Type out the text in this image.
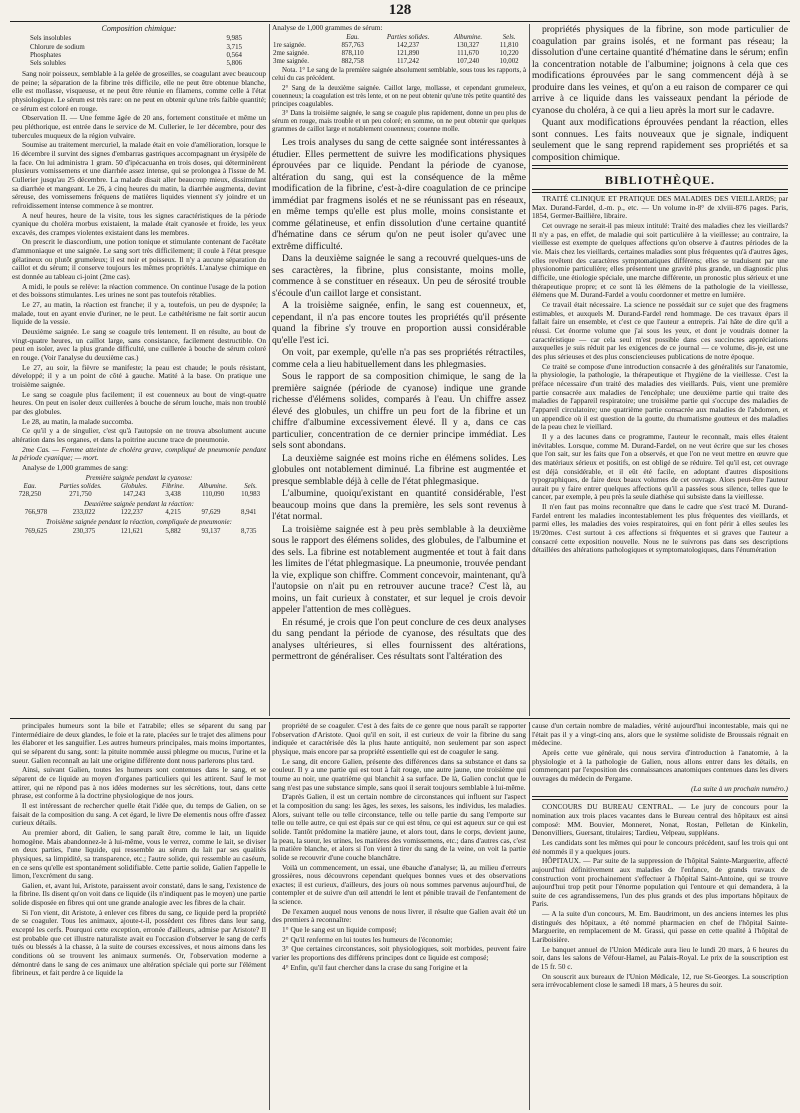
128
Composition chimique:
Sels insolubles	9,985
Chlorure de sodium	3,715
Phosphates	0,564
Sels solubles	5,806

Sang noir poisseux, semblable à la gelée de groseilles, se coagulant avec beaucoup de peine; la séparation de la fibrine très difficile, elle ne peut être obtenue blanche, elle est mollasse, visqueuse, et ne peut être réunie en filamens, comme celle à l'état physiologique. Le sérum est très rare: on ne peut en obtenir qu'une très faible quantité; ce sérum est coloré en rouge.

Observation II. — Une femme âgée de 20 ans, fortement constituée et même un peu pléthorique, est entrée dans le service de M. Cullerier, le 1er décembre, pour des tubercules muqueux de la région vulvaire.

Soumise au traitement mercuriel, la malade était en voie d'amélioration, lorsque le 16 décembre il survint des signes d'embarras gastriques accompagnant un érysipèle de la face. On lui administra 1 gram. 50 d'ipécacuanha en trois doses, qui déterminèrent plusieurs vomissemens et une diarrhée assez intense, qui se prolongea à l'issue de M. Cullerier jusqu'au 25 décembre. La malade disait aller beaucoup mieux, dissimulant sa diarrhée et mangeant. Le 26, à cinq heures du matin, la diarrhée augmenta, devint séreuse, des vomissemens fréquens de matières liquides viennent s'y joindre et un refroidissement intense commence à se montrer.

A neuf heures, heure de la visite, tous les signes caractéristiques de la période cyanique du choléra morbus existaient, la malade était cyanosée et froide, les yeux excavés, des crampes violentes existaient dans les membres.

On prescrit le diascordium, une potion tonique et stimulante contenant de l'acétate d'ammoniaque et une saignée. Le sang sort très difficilement; il coule à l'état presque gélatineux ou plutôt grumeleux; il est noir et poisseux. Il n'y a aucune séparation du caillot et du sérum; il conserve toujours les mêmes propriétés. L'analyse chimique en est donnée au tableau ci-joint (2me cas).

A midi, le pouls se relève: la réaction commence. On continue l'usage de la potion et des boissons stimulantes. Les urines ne sont pas toutefois rétablies.

Le 27, au matin, la réaction est franche; il y a, toutefois, un peu de dyspnée; la malade, tout en ayant envie d'uriner, ne le peut. Le cathétérisme ne fait sortir aucun liquide de la vessie.

Deuxième saignée. Le sang se coagule très lentement. Il en résulte, au bout de vingt-quatre heures, un caillot large, sans consistance, facilement destructible. On peut en isoler, avec la plus grande difficulté, une cuillerée à bouche de sérum coloré en rouge. (Voir l'analyse du deuxième cas.)

Le 27, au soir, la fièvre se manifeste; la peau est chaude; le pouls résistant, développé; il y a un point de côté à gauche. Matité à la base. On pratique une troisième saignée.

Le sang se coagule plus facilement; il est couenneux au bout de vingt-quatre heures. On peut en isoler deux cuillerées à bouche de sérum louche, mais non troublé par des globules.

Le 28, au matin, la malade succomba.

Ce qu'il y a de singulier, c'est qu'à l'autopsie on ne trouva absolument aucune altération dans les organes, et dans la poitrine aucune trace de pneumonie.

2me Cas. — Femme atteinte de choléra grave, compliqué de pneumonie pendant la période cyanique; — mort.

Analyse de 1,000 grammes de sang:

Première saignée pendant la cyanose:
Eau.	Parties solides.	Globules.	Fibrine.	Albumine.	Sels.
728,250	271,750	147,243	3,438	110,090	10,983
Deuxième saignée pendant la réaction:
766,978	233,022	122,237	4,215	97,629	8,941
Troisième saignée pendant la réaction, compliquée de pneumonie:
769,625	230,375	121,621	5,882	93,137	8,735

Analyse de 1,000 grammes de sérum:

	Eau.	Parties solides.	Albumine.	Sels.
1re saignée.	857,763	142,237	130,327	11,810
2me saignée.	878,110	121,890	111,670	10,220
3me saignée.	882,758	117,242	107,240	10,002

Nota. 1° Le sang de la première saignée absolument semblable, sous tous les rapports, à celui du cas précédent.

2° Sang de la deuxième saignée. Caillot large, mollasse, et cependant grumeleux, couenneux; la coagulation est très lente, et on ne peut obtenir qu'une très petite quantité des principes coagulables.

3° Dans la troisième saignée, le sang se coagule plus rapidement, donne un peu plus de sérum en rouge, mais trouble et un peu coloré; en somme, on ne peut obtenir que quelques grammes de caillot large et notablement couenneux; couenne molle.

Les trois analyses du sang de cette saignée sont intéressantes à étudier. Elles permettent de suivre les modifications physiques éprouvées par ce liquide. Pendant la période de cyanose, altération du sang, qui est la conséquence de la même modification de la fibrine, c'est-à-dire coagulation de ce principe immédiat par fragmens isolés et ne se réunissant pas en réseaux, en même temps qu'elle est plus molle, moins consistante et comme gélatineuse, et enfin dissolution d'une certaine quantité d'hématine dans ce sérum qu'on ne peut isoler qu'avec une extrême difficulté.

Dans la deuxième saignée le sang a recouvré quelques-uns de ses caractères, la fibrine, plus consistante, moins molle, commence à se constituer en réseaux. Un peu de sérosité trouble s'écoule d'un caillot large et consistant.

A la troisième saignée, enfin, le sang est couenneux, et, cependant, il n'a pas encore toutes les propriétés qu'il présente quand la fibrine s'y trouve en proportion aussi considérable qu'elle l'est ici.

On voit, par exemple, qu'elle n'a pas ses propriétés rétractiles, comme cela a lieu habituellement dans les phlegmasies.

Sous le rapport de sa composition chimique, le sang de la première saignée (période de cyanose) indique une grande richesse d'élémens solides, comparés à l'eau. Un chiffre assez élevé des globules, un chiffre un peu fort de la fibrine et un chiffre d'albumine excessivement élevé. Il y a, dans ce cas particulier, concentration de ce dernier principe immédiat. Les sels sont abondans.

La deuxième saignée est moins riche en élémens solides. Les globules ont notablement diminué. La fibrine est augmentée et presque semblable déjà à celle de l'état phlegmasique.

L'albumine, quoiqu'existant en quantité considérable, l'est beaucoup moins que dans la première, les sels sont revenus à l'état normal.

La troisième saignée est à peu près semblable à la deuxième sous le rapport des élémens solides, des globules, de l'albumine et des sels. La fibrine est notablement augmentée et tout à fait dans les limites de l'état phlegmasique. La pneumonie, trouvée pendant la vie, explique son chiffre. Comment concevoir, maintenant, qu'à l'autopsie on n'ait pu en retrouver aucune trace? C'est là, au moins, un fait curieux à constater, et sur lequel je crois devoir appeler l'attention de mes collègues.

En résumé, je crois que l'on peut conclure de ces deux analyses du sang pendant la période de cyanose, des résultats que des analyses ultérieures, si elles fournissent des altérations, permettront de généraliser. Ces résultats sont l'altération des

propriétés physiques de la fibrine, son mode particulier de coagulation par grains isolés, et ne formant pas réseau; la dissolution d'une certaine quantité d'hématine dans le sérum; enfin la concentration notable de l'albumine; joignons à cela que ces modifications éprouvées par le sang commencent déjà à se produire dans les veines, et qu'on a eu raison de comparer ce qui arrive à ce liquide dans les vaisseaux pendant la période de cyanose du choléra, à ce qui a lieu après la mort sur le cadavre.

Quant aux modifications éprouvées pendant la réaction, elles sont connues. Les faits nouveaux que je signale, indiquent seulement que le sang reprend rapidement ses propriétés et sa composition chimique.

BIBLIOTHÈQUE.

TRAITÉ CLINIQUE ET PRATIQUE DES MALADIES DES VIEILLARDS; par Max. Durand-Fardel, d.-m. p., etc. — Un volume in-8° de xlviii-876 pages. Paris, 1854, Germer-Baillière, libraire.

Cet ouvrage ne serait-il pas mieux intitulé: Traité des maladies chez les vieillards? Il n'y a pas, en effet, de maladie qui soit particulière à la vieillesse; au contraire, la vieillesse est exempte de quelques affections qu'on observe à d'autres périodes de la vie. Mais chez les vieillards, certaines maladies sont plus fréquentes qu'à d'autres âges, elles revêtent des caractères symptomatiques différens; elles se traduisent par une physionomie particulière; elles présentent une gravité plus grande, un diagnostic plus difficile, une étiologie spéciale, une marche différente, un pronostic plus sérieux et une thérapeutique propre; et ce sont là les élémens de la pathologie de la vieillesse, élémens que M. Durand-Fardel a voulu coordonner et mettre en lumière.

Ce travail était nécessaire. La science ne possédait sur ce sujet que des fragmens estimables, et auxquels M. Durand-Fardel rend hommage. De ces travaux épars il fallait faire un ensemble, et c'est ce que l'auteur a entrepris. J'ai hâte de dire qu'il a réussi. Cet énorme volume que j'ai sous les yeux, et dont je voudrais donner la caractéristique — car cela seul m'est possible dans ces succinctes appréciations auxquelles je suis réduit par les exigences de ce journal — ce volume, dis-je, est une des plus sérieuses et des plus consciencieuses publications de notre époque.

Ce traité se compose d'une introduction consacrée à des généralités sur l'anatomie, la physiologie, la pathologie, la thérapeutique et l'hygiène de la vieillesse. C'est la préface nécessaire d'un traité des maladies des vieillards. Puis, vient une première partie consacrée aux maladies de l'encéphale; une deuxième partie qui traite des maladies de l'appareil respiratoire; une troisième partie qui s'occupe des maladies de l'appareil circulatoire; une quatrième partie consacrée aux maladies de l'abdomen, et un appendice où il est question de la goutte, du rhumatisme goutteux et des maladies de la peau chez le vieillard.

Il y a des lacunes dans ce programme, l'auteur le reconnaît, mais elles étaient inévitables. Lorsque, comme M. Durand-Fardel, on ne veut écrire que sur les choses que l'on sait, sur les faits que l'on a observés, et que l'on ne veut mettre en œuvre que des matériaux sérieux et positifs, on est obligé de se réduire. Tel qu'il est, cet ouvrage est déjà considérable, et il eût été facile, en adoptant d'autres dispositions typographiques, de faire deux beaux volumes de cet ouvrage. Alors peut-être l'auteur aurait pu y faire entrer quelques affections qu'il a passées sous silence, telles que le cancer, par exemple, à peu près la seule diathèse qui subsiste dans la vieillesse.

Il n'en faut pas moins reconnaître que dans le cadre que s'est tracé M. Durand-Fardel entrent les maladies incontestablement les plus fréquentes des vieillards, et parmi elles, les maladies des voies respiratoires, qui en font périr à elles seules les 19/20mes. C'est surtout à ces affections si fréquentes et si graves que l'auteur a consacré cette exposition nouvelle. Nous ne le suivrons pas dans ses descriptions détaillées des altérations pathologiques et symptomatologiques, dans l'énumération

principales humeurs sont la bile et l'atrabile; elles se séparent du sang par l'intermédiaire de deux glandes, le foie et la rate, placées sur le trajet des alimens pour les élaborer et les sanguifier. Les autres humeurs principales, mais moins importantes, qui se séparent du sang, sont: la pituite nommée aussi phlegme ou mucus, l'urine et la sueur. Galien reconnaît au lait une origine différente dont nous parlerons plus tard.

Ainsi, suivant Galien, toutes les humeurs sont contenues dans le sang, et se séparent de ce liquide au moyen d'organes particuliers qui les attirent. Sauf le mot attirer, qui ne répond pas à nos idées modernes sur les sécrétions, tout, dans cette phrase, est conforme à la doctrine physiologique de nos jours.

Il est intéressant de rechercher quelle était l'idée que, du temps de Galien, on se faisait de la composition du sang. A cet égard, le livre De elementis nous offre d'assez curieux détails.

Au premier abord, dit Galien, le sang paraît être, comme le lait, un liquide homogène. Mais abandonnez-le à lui-même, vous le verrez, comme le lait, se diviser en deux parties, l'une liquide, qui ressemble au sérum du lait par ses qualités physiques, sa limpidité, sa transparence, etc.; l'autre solide, qui ressemble au caséum, en ce sens qu'elle est spontanément solidifiable. Cette partie solide, Galien l'appelle le limon, l'excrément du sang.

Galien, et, avant lui, Aristote, paraissent avoir constaté, dans le sang, l'existence de la fibrine. Ils disent qu'on voit dans ce liquide (ils n'indiquent pas le moyen) une partie solide disposée en fibres qui ont une grande analogie avec les fibres de la chair.

Si l'on vient, dit Aristote, à enlever ces fibres du sang, ce liquide perd la propriété de se coaguler. Tous les animaux, ajoute-t-il, possèdent ces fibres dans leur sang, excepté les cerfs. Pourquoi cette exception, erronée d'ailleurs, admise par Aristote? Il est probable que cet illustre naturaliste avait eu l'occasion d'observer le sang de cerfs tués ou blessés à la chasse, à la suite de courses excessives, et nous aimons dans les conditions où se trouvent les animaux surmenés. Or, l'observation moderne a démontré dans le sang de ces animaux une altération spéciale qui porte sur l'élément fibrineux, et fait perdre à ce liquide la

propriété de se coaguler. C'est à des faits de ce genre que nous paraît se rapporter l'observation d'Aristote. Quoi qu'il en soit, il est curieux de voir la fibrine du sang indiquée et caractérisée dès la plus haute antiquité, non seulement par son aspect physique, mais encore par sa propriété essentielle qui est de coaguler le sang.

Le sang, dit encore Galien, présente des différences dans sa substance et dans sa couleur. Il y a une partie qui est tout à fait rouge, une autre jaune, une troisième qui tourne au noir, une quatrième qui blanchit à sa surface. De là, Galien conclut que le sang n'est pas une substance simple, sans quoi il serait toujours semblable à lui-même.

D'après Galien, il est un certain nombre de circonstances qui influent sur l'aspect et la composition du sang: les âges, les sexes, les saisons, les individus, les maladies. Alors, suivant telle ou telle circonstance, telle ou telle partie du sang l'emporte sur telle ou telle autre, ce qui est épais sur ce qui est ténu, ce qui est aqueux sur ce qui est solide. Tantôt prédomine la matière jaune, et alors tout, dans le corps, devient jaune, la peau, la sueur, les urines, les matières des vomissemens, etc.; dans d'autres cas, c'est la matière blanche, et alors si l'on vient à tirer du sang de la veine, on voit la partie solide se recouvrir d'une couche blanchâtre.

Voilà un commencement, un essai, une ébauche d'analyse; là, au milieu d'erreurs grossières, nous découvrons cependant quelques bonnes vues et des observations exactes; il est curieux, d'ailleurs, des jours où nous sommes parvenus aujourd'hui, de contempler et de suivre d'un œil attendri le lent et pénible travail de l'enfantement de la science.

De l'examen auquel nous venons de nous livrer, il résulte que Galien avait été un des premiers à reconnaître:

1° Que le sang est un liquide composé;

2° Qu'il renferme en lui toutes les humeurs de l'économie;

3° Que certaines circonstances, soit physiologiques, soit morbides, peuvent faire varier les proportions des différens principes dont ce liquide est composé;

4° Enfin, qu'il faut chercher dans la crase du sang l'origine et la

cause d'un certain nombre de maladies, vérité aujourd'hui incontestable, mais qui ne l'était pas il y a vingt-cinq ans, alors que le système solidiste de Broussais régnait en médecine.

Après cette vue générale, qui nous servira d'introduction à l'anatomie, à la physiologie et à la pathologie de Galien, nous allons entrer dans les détails, en commençant par l'exposition des connaissances anatomiques contenues dans les divers ouvrages du médecin de Pergame.

(La suite à un prochain numéro.)

CONCOURS DU BUREAU CENTRAL. — Le jury de concours pour la nomination aux trois places vacantes dans le Bureau central des hôpitaux est ainsi composé: MM. Bouvier, Monneret, Nonat, Rostan, Pelletan de Kinkelin, Denonvilliers, Guersant, titulaires; Tardieu, Velpeau, suppléans.

Les candidats sont les mêmes qui pour le concours précédent, sauf les trois qui ont été nommés il y a quelques jours.

HÔPITAUX. — Par suite de la suppression de l'hôpital Sainte-Marguerite, affecté aujourd'hui définitivement aux maladies de l'enfance, de grands travaux de construction vont prochainement s'effectuer à l'hôpital Saint-Antoine, qui se trouve aujourd'hui trop petit pour l'énorme population qui l'entoure et qui demandera, à la suite de ces agrandissemens, l'un des plus grands et des plus importans hôpitaux de Paris.

— A la suite d'un concours, M. Em. Baudrimont, un des anciens internes les plus distingués des hôpitaux, a été nommé pharmacien en chef de l'hôpital Sainte-Marguerite, en remplacement de M. Grassi, qui passe en cette qualité à l'hôpital de Lariboisière.

Le banquet annuel de l'Union Médicale aura lieu le lundi 20 mars, à 6 heures du soir, dans les salons de Véfour-Hamel, au Palais-Royal. Le prix de la souscription est de 15 fr. 50 c.

On souscrit aux bureaux de l'Union Médicale, 12, rue St-Georges. La souscription sera irrévocablement close le samedi 18 mars, à 5 heures du soir.
